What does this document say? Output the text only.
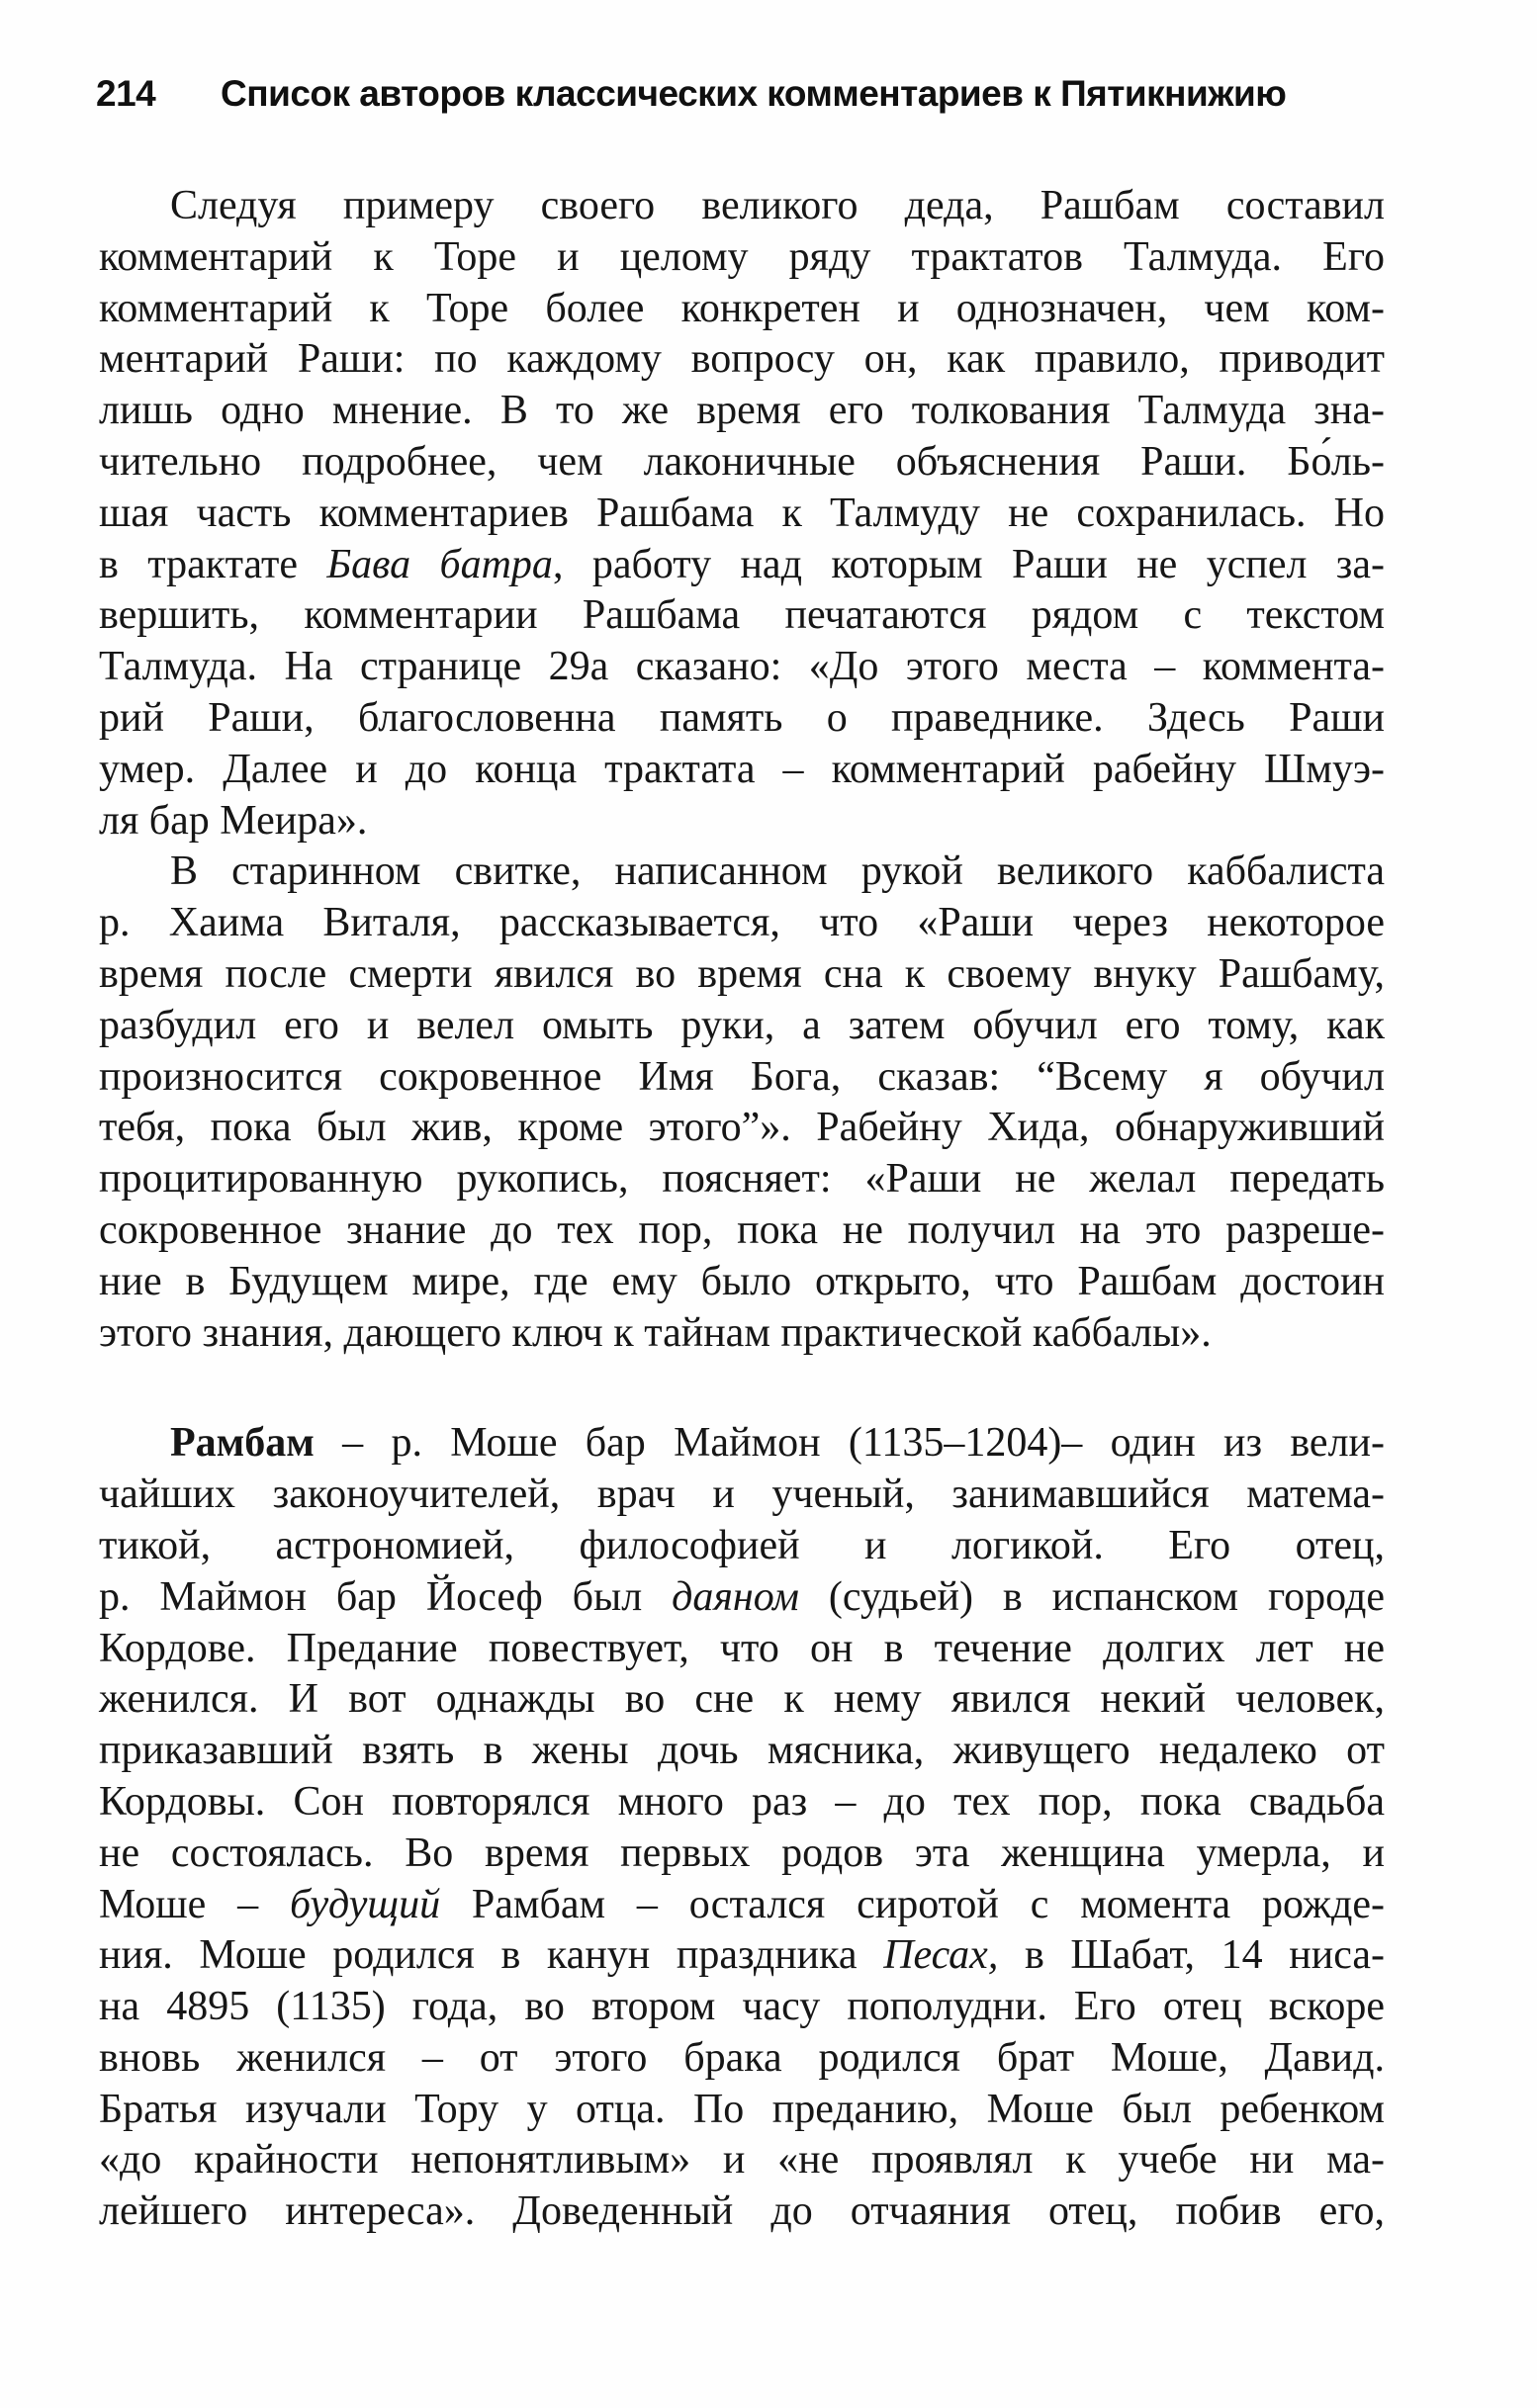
214	Список авторов классических комментариев к Пятикнижию
Следуя примеру своего великого деда, Рашбам составил
комментарий к Торе и целому ряду трактатов Талмуда. Его
комментарий к Торе более конкретен и однозначен, чем ком-
ментарий Раши: по каждому вопросу он, как правило, приводит
лишь одно мнение. В то же время его толкования Талмуда зна-
чительно подробнее, чем лаконичные объяснения Раши. Бо́ль-
шая часть комментариев Рашбама к Талмуду не сохранилась. Но
в трактате Бава батра, работу над которым Раши не успел за-
вершить, комментарии Рашбама печатаются рядом с текстом
Талмуда. На странице 29а сказано: «До этого места – коммента-
рий Раши, благословенна память о праведнике. Здесь Раши
умер. Далее и до конца трактата – комментарий рабейну Шмуэ-
ля бар Меира».
В старинном свитке, написанном рукой великого каббалиста
р. Хаима Виталя, рассказывается, что «Раши через некоторое
время после смерти явился во время сна к своему внуку Рашбаму,
разбудил его и велел омыть руки, а затем обучил его тому, как
произносится сокровенное Имя Бога, сказав: “Всему я обучил
тебя, пока был жив, кроме этого”». Рабейну Хида, обнаруживший
процитированную рукопись, поясняет: «Раши не желал передать
сокровенное знание до тех пор, пока не получил на это разреше-
ние в Будущем мире, где ему было открыто, что Рашбам достоин
этого знания, дающего ключ к тайнам практической каббалы».
Рамбам – р. Моше бар Маймон (1135–1204)– один из вели-
чайших законоучителей, врач и ученый, занимавшийся матема-
тикой, астрономией, философией и логикой. Его отец,
р. Маймон бар Йосеф был даяном (судьей) в испанском городе
Кордове. Предание повествует, что он в течение долгих лет не
женился. И вот однажды во сне к нему явился некий человек,
приказавший взять в жены дочь мясника, живущего недалеко от
Кордовы. Сон повторялся много раз – до тех пор, пока свадьба
не состоялась. Во время первых родов эта женщина умерла, и
Моше – будущий Рамбам – остался сиротой с момента рожде-
ния. Моше родился в канун праздника Песах, в Шабат, 14 ниса-
на 4895 (1135) года, во втором часу пополудни. Его отец вскоре
вновь женился – от этого брака родился брат Моше, Давид.
Братья изучали Тору у отца. По преданию, Моше был ребенком
«до крайности непонятливым» и «не проявлял к учебе ни ма-
лейшего интереса». Доведенный до отчаяния отец, побив его,
